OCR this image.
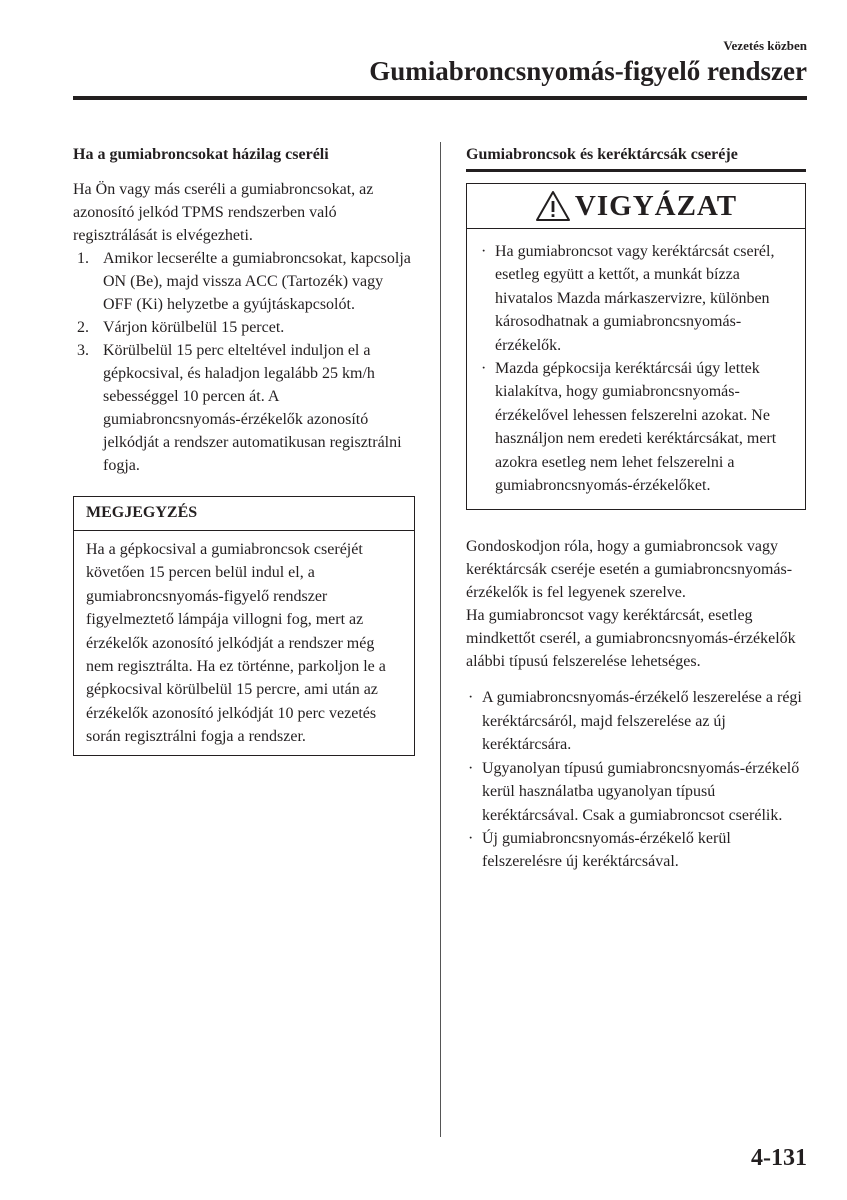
Vezetés közben
Gumiabroncsnyomás-figyelő rendszer
Ha a gumiabroncsokat házilag cseréli

Ha Ön vagy más cseréli a gumiabroncsokat, az azonosító jelkód TPMS rendszerben való regisztrálását is elvégezheti.

1. Amikor lecserélte a gumiabroncsokat, kapcsolja ON (Be), majd vissza ACC (Tartozék) vagy OFF (Ki) helyzetbe a gyújtáskapcsolót.
2. Várjon körülbelül 15 percet.
3. Körülbelül 15 perc elteltével induljon el a gépkocsival, és haladjon legalább 25 km/h sebességgel 10 percen át. A gumiabroncsnyomás-érzékelők azonosító jelkódját a rendszer automatikusan regisztrálni fogja.
MEGJEGYZÉS
Ha a gépkocsival a gumiabroncsok cseréjét követően 15 percen belül indul el, a gumiabroncsnyomás-figyelő rendszer figyelmeztető lámpája villogni fog, mert az érzékelők azonosító jelkódját a rendszer még nem regisztrálta. Ha ez történne, parkoljon le a gépkocsival körülbelül 15 percre, ami után az érzékelők azonosító jelkódját 10 perc vezetés során regisztrálni fogja a rendszer.
Gumiabroncsok és keréktárcsák cseréje
VIGYÁZAT
· Ha gumiabroncsot vagy keréktárcsát cserél, esetleg együtt a kettőt, a munkát bízza hivatalos Mazda márkaszervizre, különben károsodhatnak a gumiabroncsnyomás-érzékelők.
· Mazda gépkocsija keréktárcsái úgy lettek kialakítva, hogy gumiabroncsnyomás-érzékelővel lehessen felszerelni azokat. Ne használjon nem eredeti keréktárcsákat, mert azokra esetleg nem lehet felszerelni a gumiabroncsnyomás-érzékelőket.

Gondoskodjon róla, hogy a gumiabroncsok vagy keréktárcsák cseréje esetén a gumiabroncsnyomás-érzékelők is fel legyenek szerelve.

Ha gumiabroncsot vagy keréktárcsát, esetleg mindkettőt cserél, a gumiabroncsnyomás-érzékelők alábbi típusú felszerelése lehetséges.

· A gumiabroncsnyomás-érzékelő leszerelése a régi keréktárcsáról, majd felszerelése az új keréktárcsára.
· Ugyanolyan típusú gumiabroncsnyomás-érzékelő kerül használatba ugyanolyan típusú keréktárcsával. Csak a gumiabroncsot cserélik.
· Új gumiabroncsnyomás-érzékelő kerül felszerelésre új keréktárcsával.
4-131
